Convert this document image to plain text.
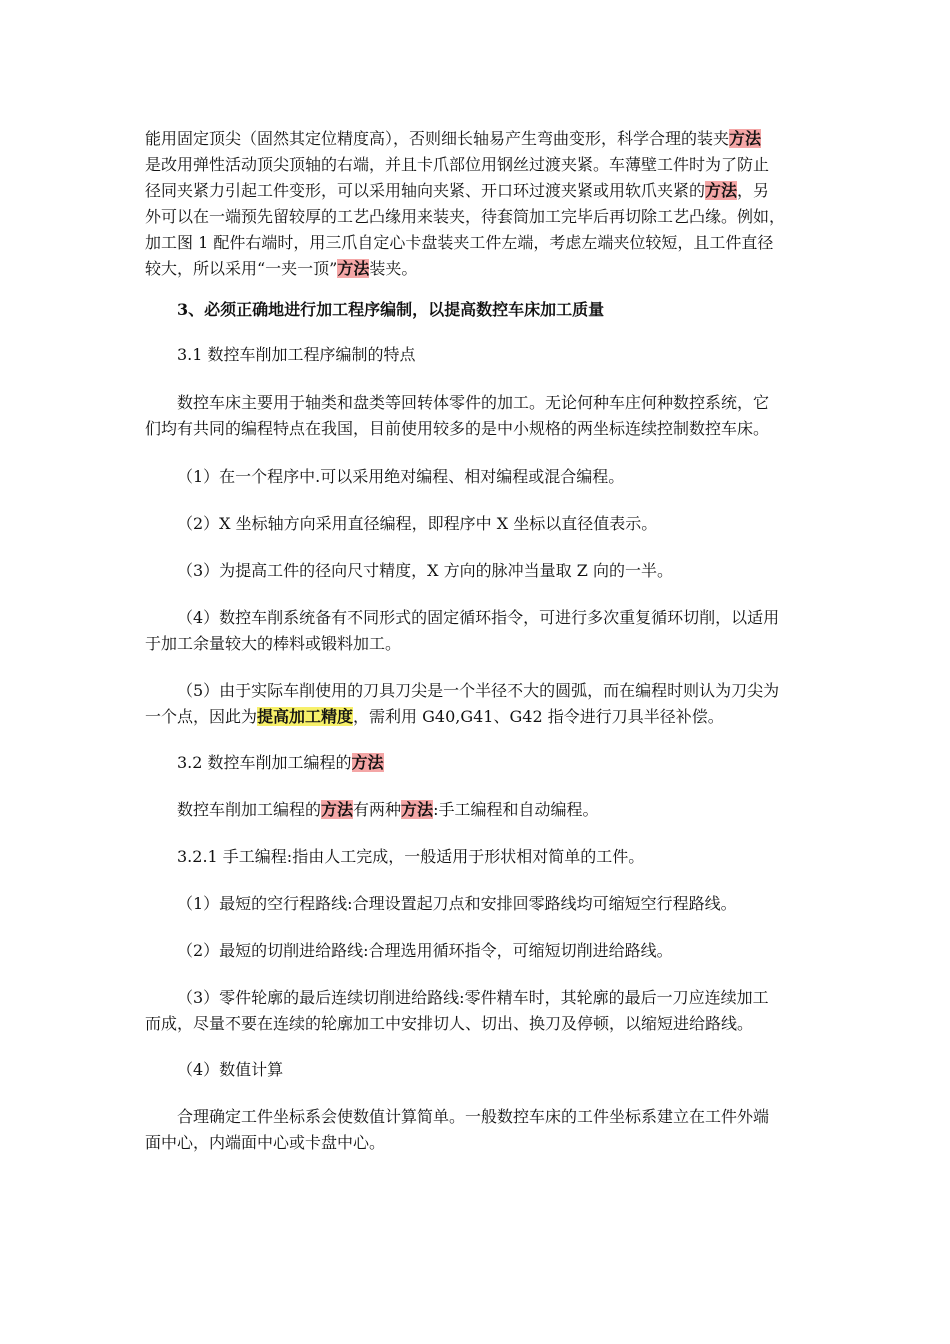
能用固定顶尖（固然其定位精度高），否则细长轴易产生弯曲变形，科学合理的装夹方法
是改用弹性活动顶尖顶轴的右端，并且卡爪部位用钢丝过渡夹紧。车薄壁工件时为了防止
径同夹紧力引起工件变形，可以采用轴向夹紧、开口环过渡夹紧或用软爪夹紧的方法，另
外可以在一端预先留较厚的工艺凸缘用来装夹，待套筒加工完毕后再切除工艺凸缘。例如，
加工图 1 配件右端时，用三爪自定心卡盘装夹工件左端，考虑左端夹位较短，且工件直径
较大，所以采用“一夹一顶”方法装夹。
3、必须正确地进行加工程序编制，以提高数控车床加工质量
3.1 数控车削加工程序编制的特点
数控车床主要用于轴类和盘类等回转体零件的加工。无论何种车庄何种数控系统，它
们均有共同的编程特点在我国，目前使用较多的是中小规格的两坐标连续控制数控车床。
（1）在一个程序中.可以采用绝对编程、相对编程或混合编程。
（2）X 坐标轴方向采用直径编程，即程序中 X 坐标以直径值表示。
（3）为提高工件的径向尺寸精度，X 方向的脉冲当量取 Z 向的一半。
（4）数控车削系统备有不同形式的固定循环指令，可进行多次重复循环切削，以适用
于加工余量较大的棒料或锻料加工。
（5）由于实际车削使用的刀具刀尖是一个半径不大的圆弧，而在编程时则认为刀尖为
一个点，因此为提高加工精度，需利用 G40,G41、G42 指令进行刀具半径补偿。
3.2 数控车削加工编程的方法
数控车削加工编程的方法有两种方法:手工编程和自动编程。
3.2.1 手工编程:指由人工完成，一般适用于形状相对简单的工件。
（1）最短的空行程路线:合理设置起刀点和安排回零路线均可缩短空行程路线。
（2）最短的切削进给路线:合理选用循环指令，可缩短切削进给路线。
（3）零件轮廓的最后连续切削进给路线:零件精车时，其轮廓的最后一刀应连续加工
而成，尽量不要在连续的轮廓加工中安排切人、切出、换刀及停顿，以缩短进给路线。
（4）数值计算
合理确定工件坐标系会使数值计算简单。一般数控车床的工件坐标系建立在工件外端
面中心，内端面中心或卡盘中心。
